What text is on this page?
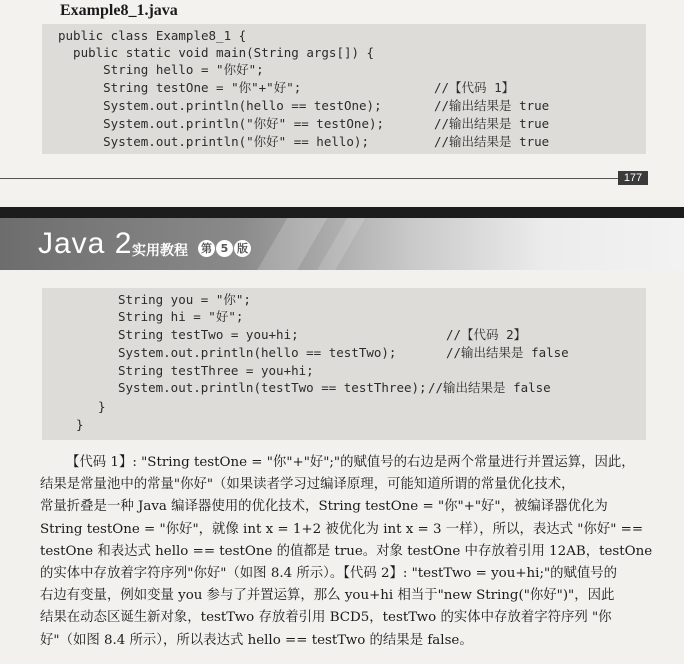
Example8_1.java
public class Example8_1 {
public static void main(String args[]) {
String hello = "你好";
String testOne = "你"+"好";
System.out.println(hello == testOne);
System.out.println("你好" == testOne);
System.out.println("你好" == hello);
//【代码 1】
//输出结果是 true
//输出结果是 true
//输出结果是 true
177
Java 2 实用教程 第 5 版
String you = "你";
String hi = "好";
String testTwo = you+hi;
System.out.println(hello == testTwo);
String testThree = you+hi;
System.out.println(testTwo == testThree);
}
}
//【代码 2】
//输出结果是 false
//输出结果是 false
【代码 1】: "String testOne = "你"+"好";"的赋值号的右边是两个常量进行并置运算，因此，
结果是常量池中的常量"你好"（如果读者学习过编译原理，可能知道所谓的常量优化技术，
常量折叠是一种 Java 编译器使用的优化技术，String testOne = "你"+"好"，被编译器优化为
String testOne = "你好"，就像 int x = 1+2 被优化为 int x = 3 一样），所以，表达式 "你好" ==
testOne 和表达式 hello == testOne 的值都是 true。对象 testOne 中存放着引用 12AB，testOne
的实体中存放着字符序列"你好"（如图 8.4 所示）。【代码 2】: "testTwo = you+hi;"的赋值号的
右边有变量，例如变量 you 参与了并置运算，那么 you+hi 相当于"new String("你好")"，因此
结果在动态区诞生新对象，testTwo 存放着引用 BCD5，testTwo 的实体中存放着字符序列 "你
好"（如图 8.4 所示），所以表达式 hello == testTwo 的结果是 false。
